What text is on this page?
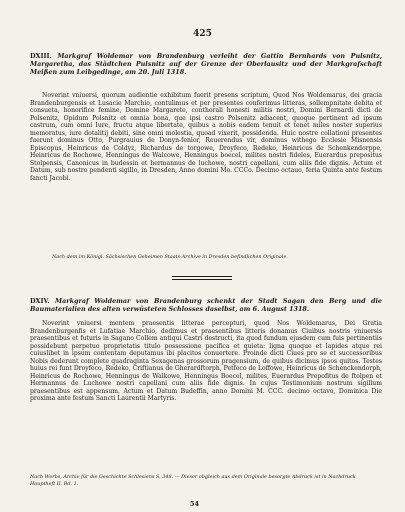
425

DXIII. Markgraf Woldemar von Brandenburg verleiht der Gattin Bernhards von Pulsnitz, Margaretha, das Städtchen Pulsnitz auf der Grenze der Oberlausitz und der Markgrafschaft Meißen zum Leibgedinge, am 20. Juli 1318.

Noverint vniuersi, quorum audientie exhibitum fuerit presens scriptum, Quod Nos Woldemarus, dei gracia Brandenburgensis et Lusacie Marchio, contulimus et per presentes conferimus litteras, sollempnitate debita et consueta, honorifice femine, Domine Margarete, conthorali honesti militis nostri, Domini Bernardi dicti de Polsenitz, Opidum Polsnitz et omnia bona, que ipsi castro Polsenitz adiacent, quoque pertinent ad ipsum castrum, cum omni Iure, fructu atque libertate, quibus a nobis eadem tenuit et tenet miles noster superius memoratus, iure dotalitij debiti, sine omni molestia, quoad vixerit, possidenda. Huic nostre collationi presentes fuerunt dominus Otto, Purgrauius de Donyn-fenior, Reuerendus vir, dominus withego Ecclesie Misnensis Episcopus, Heinricus de Coldyz, Richardus de torgowe, Droyfeco, Redeko, Heinricus de Schenkendorppe, Heinricus de Rochowe, Henningus de Walcowe, Henningus boecel, milites nostri fideles, Euerardus prepositus Stolpensis, Canonicus in budessin et hermannus de luchowe, nostri capellani, cum aliis fide dignis. Actum et Datum, sub nostro pendenti sigillo, in Dresden, Anno domini Mo. CCCo. Decimo octauo, feria Quinta ante festum fancti Jacobi.

Nach dem im Königl. Sächsischen Geheimen Staats-Archive in Dresden befindlichen Originale.

DXIV. Markgraf Woldemar von Brandenburg schenkt der Stadt Sagan den Berg und die Baumaterialien des alten verwüsteten Schlosses daselbst, am 6. August 1318.

Noverint vniuersi mentem praesentis litterae percepturi, quod Nos Woldemarus, Dei Gratia Brandenburgenfis et Lufatiae Marchio, dedimus et praesentibus litteris donamus Ciuibus nostris vniuersis praesentibus et futuris in Sagano Collem antiqui Castri destructi, ita quod fundum ejusdem cum fuis pertinentiis possidebunt perpetuo proprietatis titulo possessione pacifica et quieta: ligna quoque et lapides atque rei cuiuslibet in ipsum contentam deputamus ibi placitos conuertere. Proinde dicti Ciues pro se et successoribus Nobis dederunt complete quadraginta Sexagenas grossorum pragensium, de quibus dicimus ipsos quitos. Testes huius rei funt Droyfeco, Redeko, Criftianus de Gherardftorph, Petfeco de Loffowe, Heinricus de Schenckendorph, Heinricus de Rochowe, Henningus de Walkowe, Henningus Boecel, milites, Euerardus Prepofitus de ftolpen et Hermannus de Luchowe nostri capellani cum aliis fide dignis. In cujus Testimonium nostrum sigillum praesentibus est appensum. Actum et Datum Budeffin, anno Domini M. CCC. decimo octavo, Dominica Die proxima ante festum Sancti Laurentii Martyris.

Nach Worbs, Archiv für die Geschichte Schlesiens S. 348. — Dieser obgleich aus dem Originale besorgte Abdruck ist in Nachdruck
Hauptheft II. Bd. 1.
54
